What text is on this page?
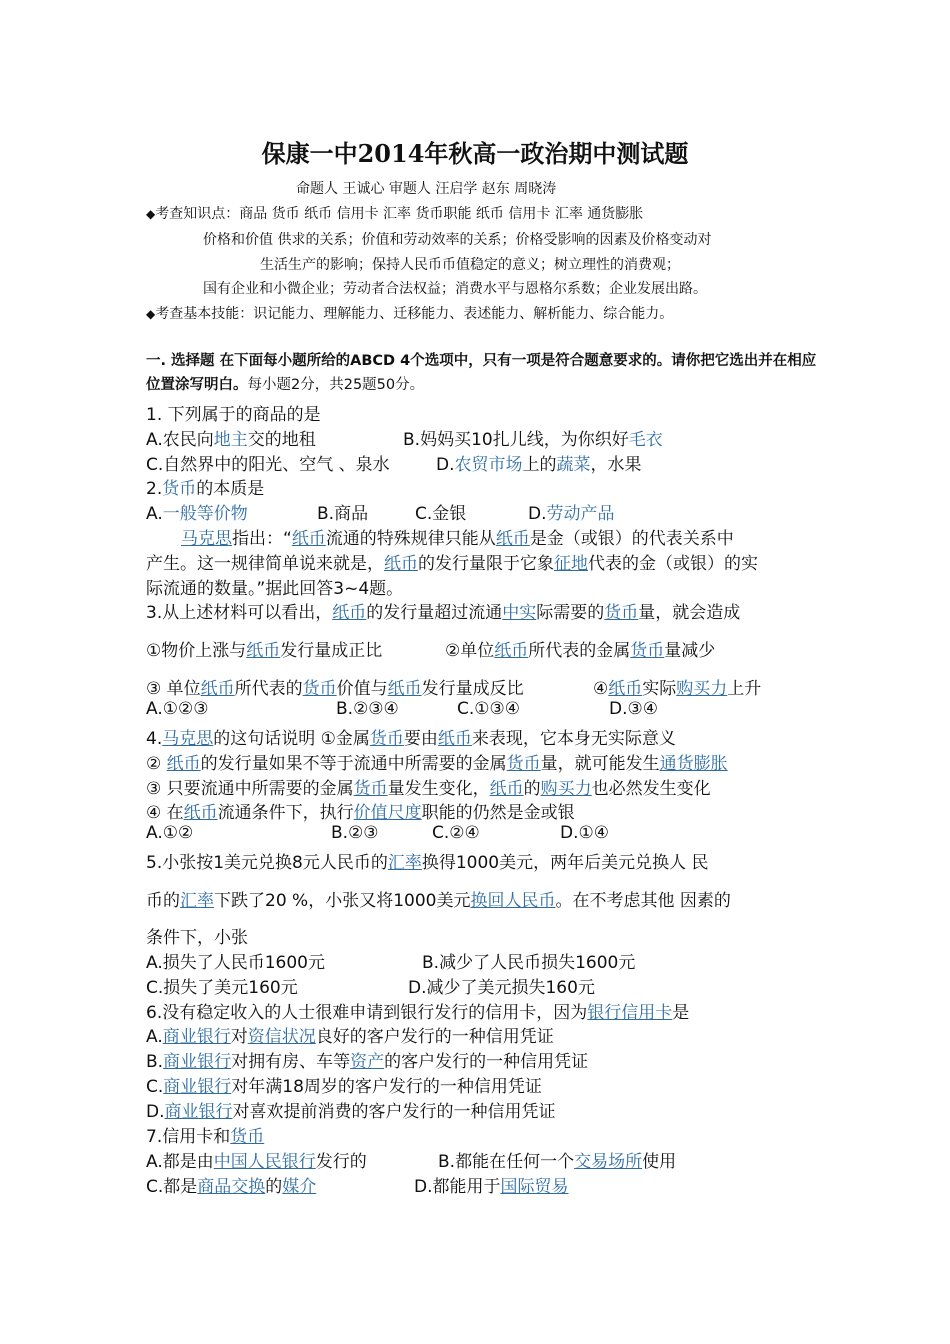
保康一中2014年秋高一政治期中测试题
命题人 王诚心 审题人 汪启学 赵东 周晓涛
◆考查知识点：商品 货币 纸币 信用卡 汇率 货币职能 纸币 信用卡 汇率 通货膨胀
价格和价值 供求的关系；价值和劳动效率的关系；价格受影响的因素及价格变动对
生活生产的影响；保持人民币币值稳定的意义；树立理性的消费观；
国有企业和小微企业；劳动者合法权益；消费水平与恩格尔系数；企业发展出路。
◆考查基本技能：识记能力、理解能力、迁移能力、表述能力、解析能力、综合能力。
一. 选择题 在下面每小题所给的ABCD 4个选项中，只有一项是符合题意要求的。请你把它选出并在相应位置涂写明白。每小题2分，共25题50分。
1. 下列属于的商品的是
A.农民向地主交的地租	B.妈妈买10扎儿线，为你织好毛衣
C.自然界中的阳光、空气 、泉水	D.农贸市场上的蔬菜，水果
2.货币的本质是
A.一般等价物	B.商品	C.金银	D.劳动产品
马克思指出：“纸币流通的特殊规律只能从纸币是金（或银）的代表关系中
产生。这一规律简单说来就是，纸币的发行量限于它象征地代表的金（或银）的实
际流通的数量。”据此回答3~4题。
3.从上述材料可以看出，纸币的发行量超过流通中实际需要的货币量，就会造成
①物价上涨与纸币发行量成正比	②单位纸币所代表的金属货币量减少
③ 单位纸币所代表的货币价值与纸币发行量成反比	④纸币实际购买力上升
A.①②③	B.②③④	C.①③④	D.③④
4.马克思的这句话说明 ①金属货币要由纸币来表现，它本身无实际意义
② 纸币的发行量如果不等于流通中所需要的金属货币量，就可能发生通货膨胀
③ 只要流通中所需要的金属货币量发生变化，纸币的购买力也必然发生变化
④ 在纸币流通条件下，执行价值尺度职能的仍然是金或银
A.①②	B.②③	C.②④	D.①④
5.小张按1美元兑换8元人民币的汇率换得1000美元，两年后美元兑换人 民
币的汇率下跌了20 %，小张又将1000美元换回人民币。在不考虑其他 因素的
条件下，小张
A.损失了人民币1600元	B.减少了人民币损失1600元
C.损失了美元160元	D.减少了美元损失160元
6.没有稳定收入的人士很难申请到银行发行的信用卡，因为银行信用卡是
A.商业银行对资信状况良好的客户发行的一种信用凭证
B.商业银行对拥有房、车等资产的客户发行的一种信用凭证
C.商业银行对年满18周岁的客户发行的一种信用凭证
D.商业银行对喜欢提前消费的客户发行的一种信用凭证
7.信用卡和货币
A.都是由中国人民银行发行的	B.都能在任何一个交易场所使用
C.都是商品交换的媒介	D.都能用于国际贸易
